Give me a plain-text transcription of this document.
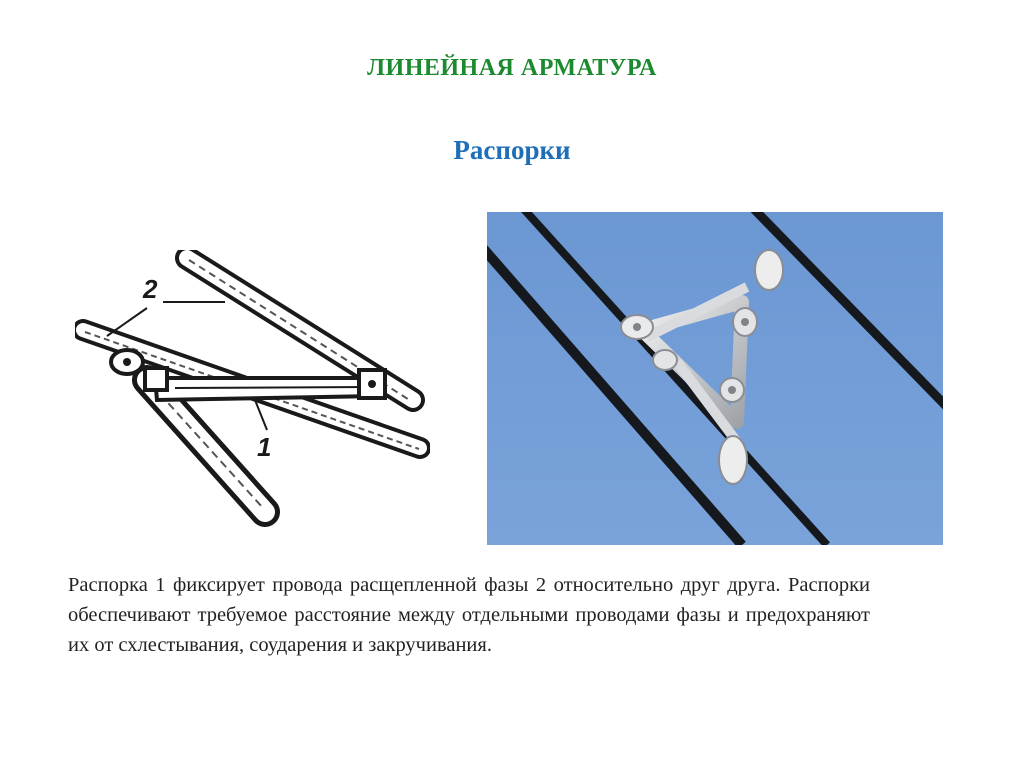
ЛИНЕЙНАЯ АРМАТУРА
Распорки
2
1
Распорка 1 фиксирует провода расщепленной фазы 2 относительно друг друга. Распорки обеспечивают требуемое расстояние между отдельными проводами фазы и предохраняют их от схлестывания, соударения и закручивания.
